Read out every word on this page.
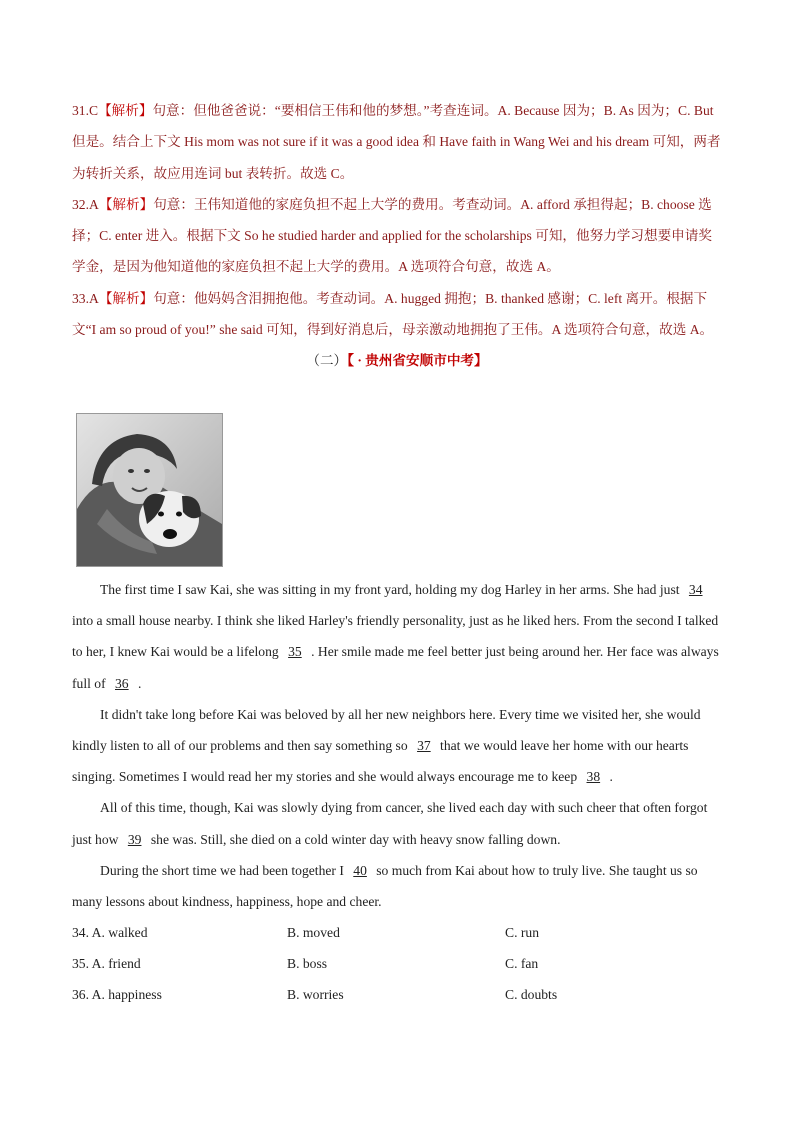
31.C【解析】句意：但他爸爸说：“要相信王伟和他的梦想。”考查连词。A. Because 因为；B. As 因为；C. But 但是。结合上下文 His mom was not sure if it was a good idea 和 Have faith in Wang Wei and his dream 可知，两者为转折关系，故应用连词 but 表转折。故选 C。
32.A【解析】句意：王伟知道他的家庭负担不起上大学的费用。考查动词。A. afford 承担得起；B. choose 选择；C. enter 进入。根据下文 So he studied harder and applied for the scholarships 可知，他努力学习想要申请奖学金，是因为他知道他的家庭负担不起上大学的费用。A 选项符合句意，故选 A。
33.A【解析】句意：他妈妈含泪拥抱他。考查动词。A. hugged 拥抱；B. thanked 感谢；C. left 离开。根据下文“I am so proud of you!” she said 可知，得到好消息后，母亲激动地拥抱了王伟。A 选项符合句意，故选 A。
（二）【 · 贵州省安顺市中考】

The first time I saw Kai, she was sitting in my front yard, holding my dog Harley in her arms. She had just 34 into a small house nearby. I think she liked Harley's friendly personality, just as he liked hers. From the second I talked to her, I knew Kai would be a lifelong 35 . Her smile made me feel better just being around her. Her face was always full of 36 .

It didn't take long before Kai was beloved by all her new neighbors here. Every time we visited her, she would kindly listen to all of our problems and then say something so 37 that we would leave her home with our hearts singing. Sometimes I would read her my stories and she would always encourage me to keep 38 .

All of this time, though, Kai was slowly dying from cancer, she lived each day with such cheer that often forgot just how 39 she was. Still, she died on a cold winter day with heavy snow falling down.

During the short time we had been together I 40 so much from Kai about how to truly live. She taught us so many lessons about kindness, happiness, hope and cheer.

34. A. walked	B. moved	C. run
35. A. friend	B. boss	C. fan
36. A. happiness	B. worries	C. doubts
